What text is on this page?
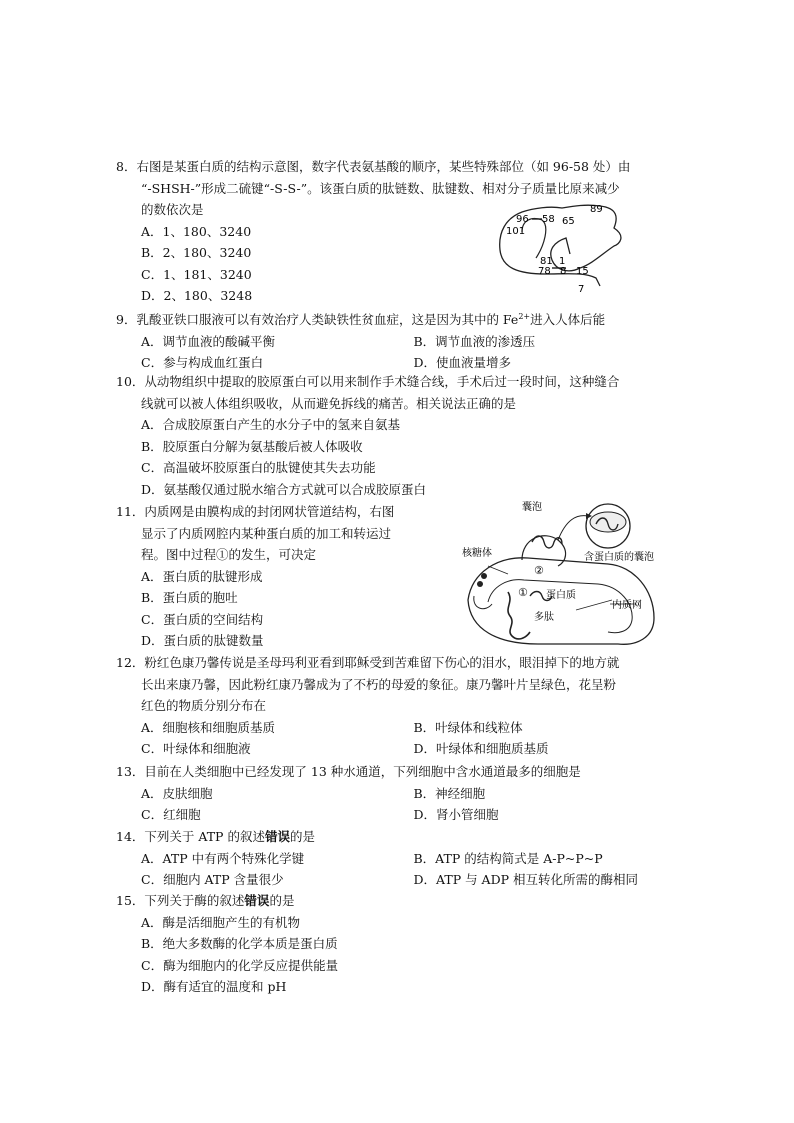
8．右图是某蛋白质的结构示意图，数字代表氨基酸的顺序，某些特殊部位（如 96-58 处）由

“-SHSH-”形成二硫键“-S-S-”。该蛋白质的肽链数、肽键数、相对分子质量比原来减少

的数依次是

A．1、180、3240
B．2、180、3240
C．1、181、3240
D．2、180、3248
89
96 58 65
101
81 1
78 8 15
7

9．乳酸亚铁口服液可以有效治疗人类缺铁性贫血症，这是因为其中的 $Fe^{2+}$进入人体后能

A．调节血液的酸碱平衡	B．调节血液的渗透压
C．参与构成血红蛋白	D．使血液量增多

10．从动物组织中提取的胶原蛋白可以用来制作手术缝合线，手术后过一段时间，这种缝合

线就可以被人体组织吸收，从而避免拆线的痛苦。相关说法正确的是

A．合成胶原蛋白产生的水分子中的氢来自氨基
B．胶原蛋白分解为氨基酸后被人体吸收
C．高温破坏胶原蛋白的肽键使其失去功能
D．氨基酸仅通过脱水缩合方式就可以合成胶原蛋白

11．内质网是由膜构成的封闭网状管道结构，右图

显示了内质网腔内某种蛋白质的加工和转运过

程。图中过程①的发生，可决定

A．蛋白质的肽键形成
B．蛋白质的胞吐
C．蛋白质的空间结构
D．蛋白质的肽键数量
囊泡
核糖体	含蛋白质的囊泡
②
① 蛋白质
多肽
内质网

12．粉红色康乃馨传说是圣母玛利亚看到耶稣受到苦难留下伤心的泪水，眼泪掉下的地方就

长出来康乃馨，因此粉红康乃馨成为了不朽的母爱的象征。康乃馨叶片呈绿色，花呈粉

红色的物质分别分布在

A．细胞核和细胞质基质	B．叶绿体和线粒体
C．叶绿体和细胞液	D．叶绿体和细胞质基质

13．目前在人类细胞中已经发现了 13 种水通道，下列细胞中含水通道最多的细胞是

A．皮肤细胞	B．神经细胞
C．红细胞	D．肾小管细胞

14．下列关于 ATP 的叙述错误的是

A．ATP 中有两个特殊化学键	B．ATP 的结构简式是 A-P~P~P
C．细胞内 ATP 含量很少	D．ATP 与 ADP 相互转化所需的酶相同

15．下列关于酶的叙述错误的是

A．酶是活细胞产生的有机物
B．绝大多数酶的化学本质是蛋白质
C．酶为细胞内的化学反应提供能量
D．酶有适宜的温度和 pH
